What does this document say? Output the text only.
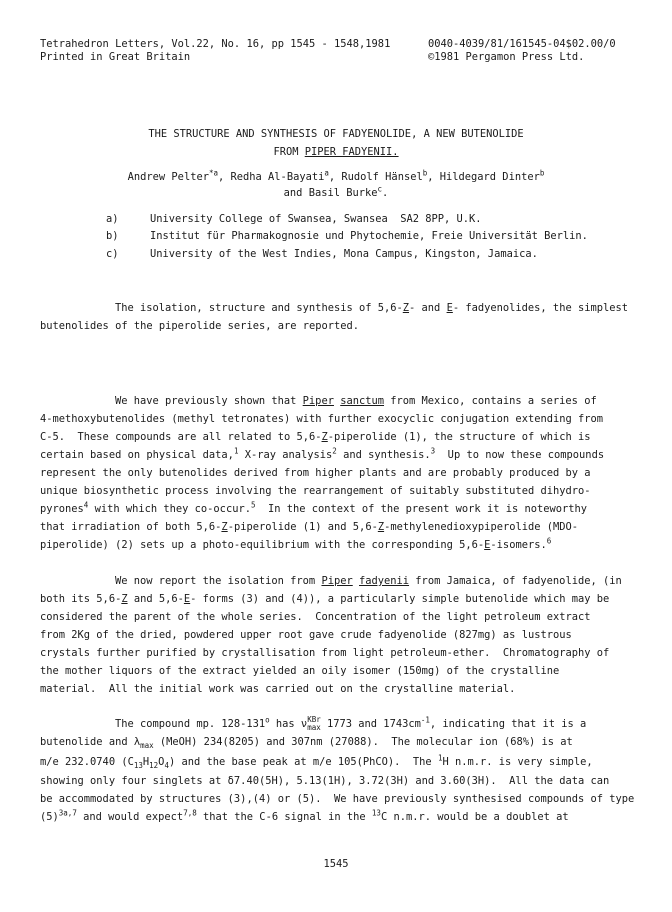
Tetrahedron Letters, Vol.22, No. 16, pp 1545 - 1548,1981
Printed in Great Britain
0040-4039/81/161545-04$02.00/0
©1981 Pergamon Press Ltd.
THE STRUCTURE AND SYNTHESIS OF FADYENOLIDE, A NEW BUTENOLIDE
FROM PIPER FADYENII.
Andrew Pelter$^{*a}$, Redha Al-Bayati$^a$, Rudolf Hänsel$^b$, Hildegard Dinter$^b$
and Basil Burke$^c$.
a)	University College of Swansea, Swansea  SA2 8PP, U.K.
b)	Institut für Pharmakognosie und Phytochemie, Freie Universität Berlin.
c)	University of the West Indies, Mona Campus, Kingston, Jamaica.
The isolation, structure and synthesis of 5,6-Z- and E- fadyenolides, the simplest
butenolides of the piperolide series, are reported.
We have previously shown that Piper sanctum from Mexico, contains a series of
4-methoxybutenolides (methyl tetronates) with further exocyclic conjugation extending from
C-5.  These compounds are all related to 5,6-Z-piperolide (1), the structure of which is
certain based on physical data,$^1$ X-ray analysis$^2$ and synthesis.$^3$  Up to now these compounds
represent the only butenolides derived from higher plants and are probably produced by a
unique biosynthetic process involving the rearrangement of suitably substituted dihydro-
pyrones$^4$ with which they co-occur.$^5$  In the context of the present work it is noteworthy
that irradiation of both 5,6-Z-piperolide (1) and 5,6-Z-methylenedioxypiperolide (MDO-
piperolide) (2) sets up a photo-equilibrium with the corresponding 5,6-E-isomers.$^6$
We now report the isolation from Piper fadyenii from Jamaica, of fadyenolide, (in
both its 5,6-Z and 5,6-E- forms (3) and (4)), a particularly simple butenolide which may be
considered the parent of the whole series.  Concentration of the light petroleum extract
from 2Kg of the dried, powdered upper root gave crude fadyenolide (827mg) as lustrous
crystals further purified by crystallisation from light petroleum-ether.  Chromatography of
the mother liquors of the extract yielded an oily isomer (150mg) of the crystalline
material.  All the initial work was carried out on the crystalline material.
The compound mp. 128-131$^o$ has ν KBr
max 1773 and $1743cm^{-1}$, indicating that it is a
butenolide and $\lambda_{max}$ (MeOH) 234(8205) and 307nm (27088).  The molecular ion (68%) is at
m/e 232.0740 $(C_{13}H_{12}O_4)$ and the base peak at m/e 105(PhCO).  The $^1$H n.m.r. is very simple,
showing only four singlets at δ7.40(5H), 5.13(1H), 3.72(3H) and 3.60(3H).  All the data can
be accommodated by structures (3),(4) or (5).  We have previously synthesised compounds of type
$(5)^{3a,7}$ and would expect$^{7,8}$ that the C-6 signal in the $^{13}$C n.m.r. would be a doublet at
1545
